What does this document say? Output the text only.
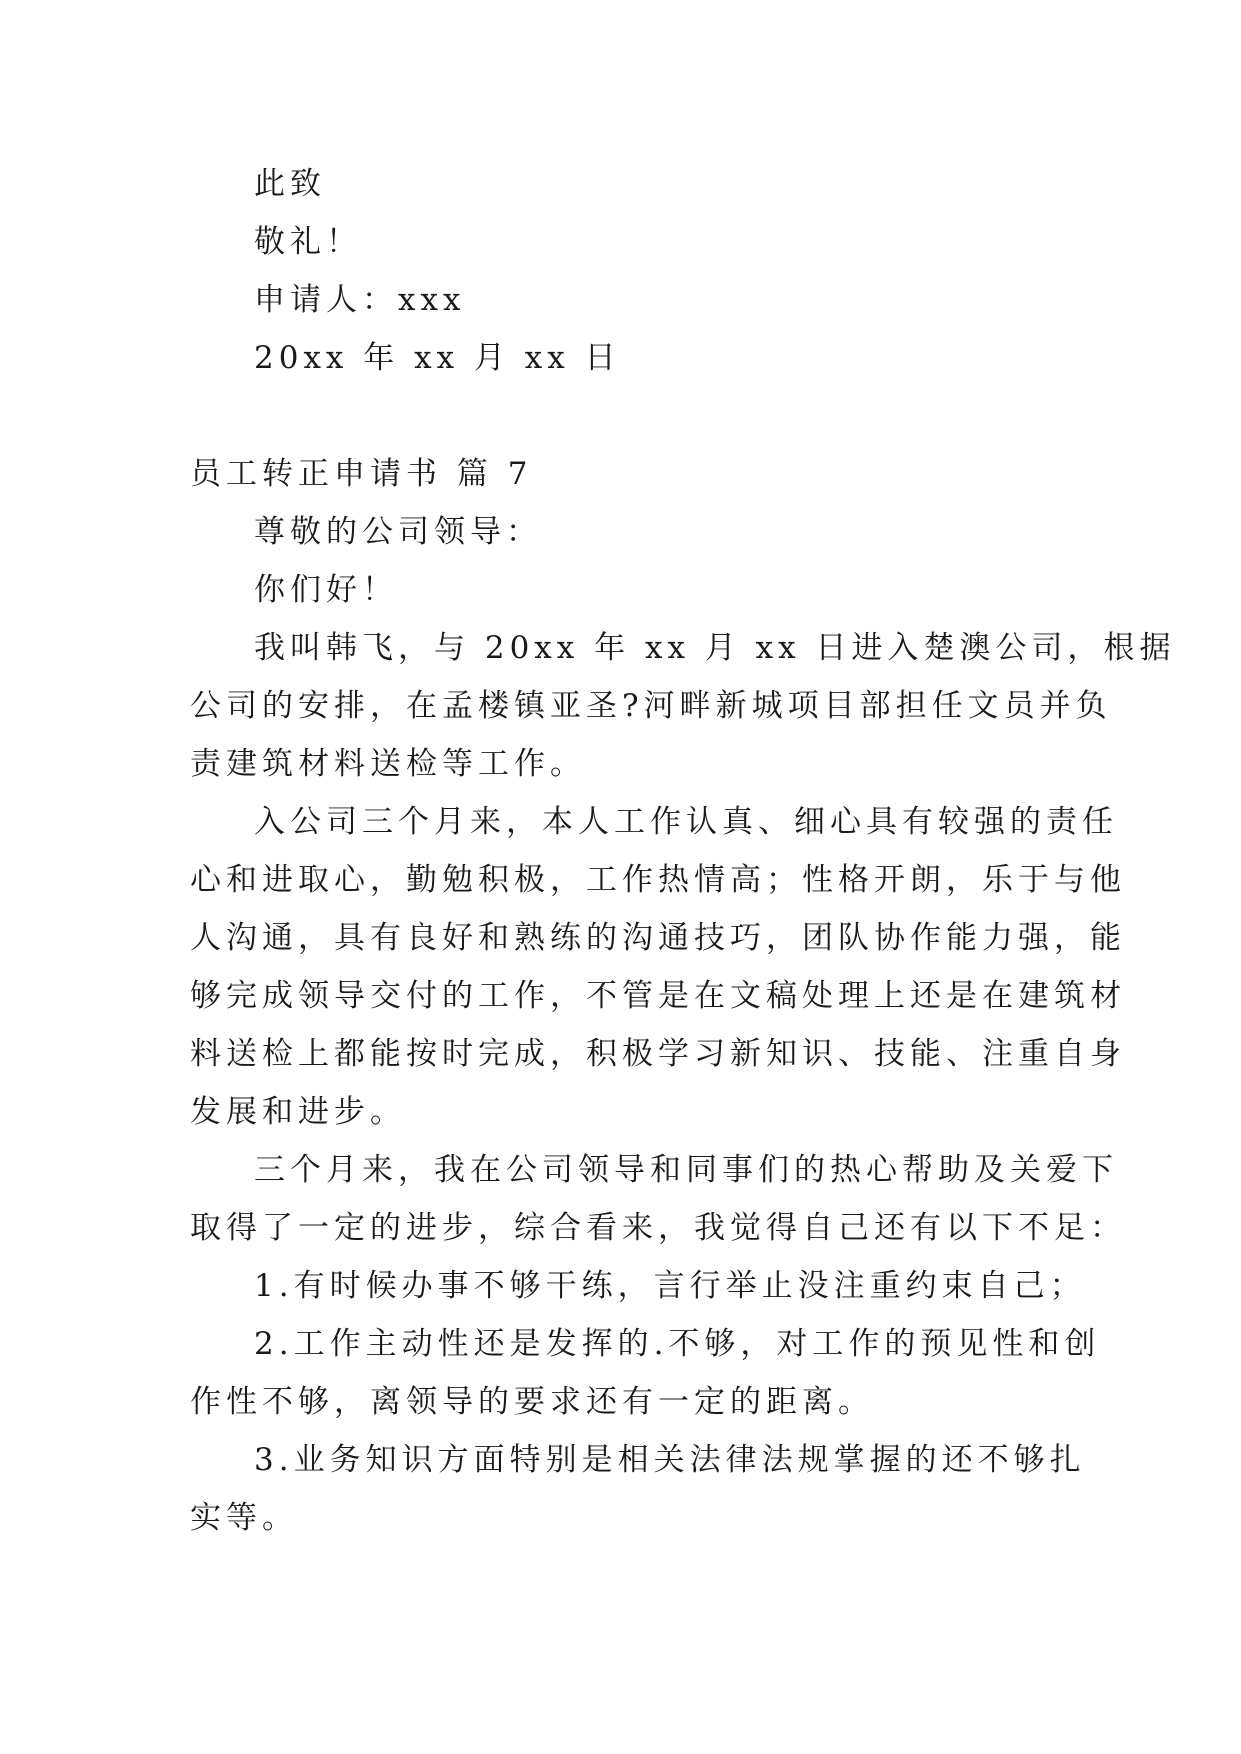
此致
敬礼！
申请人：xxx
20xx 年 xx 月 xx 日
员工转正申请书 篇 7
尊敬的公司领导：
你们好！
我叫韩飞，与 20xx 年 xx 月 xx 日进入楚澳公司，根据
公司的安排，在孟楼镇亚圣?河畔新城项目部担任文员并负
责建筑材料送检等工作。
入公司三个月来，本人工作认真、细心具有较强的责任
心和进取心，勤勉积极，工作热情高；性格开朗，乐于与他
人沟通，具有良好和熟练的沟通技巧，团队协作能力强，能
够完成领导交付的工作，不管是在文稿处理上还是在建筑材
料送检上都能按时完成，积极学习新知识、技能、注重自身
发展和进步。
三个月来，我在公司领导和同事们的热心帮助及关爱下
取得了一定的进步，综合看来，我觉得自己还有以下不足：
1.有时候办事不够干练，言行举止没注重约束自己；
2.工作主动性还是发挥的.不够，对工作的预见性和创
作性不够，离领导的要求还有一定的距离。
3.业务知识方面特别是相关法律法规掌握的还不够扎
实等。
